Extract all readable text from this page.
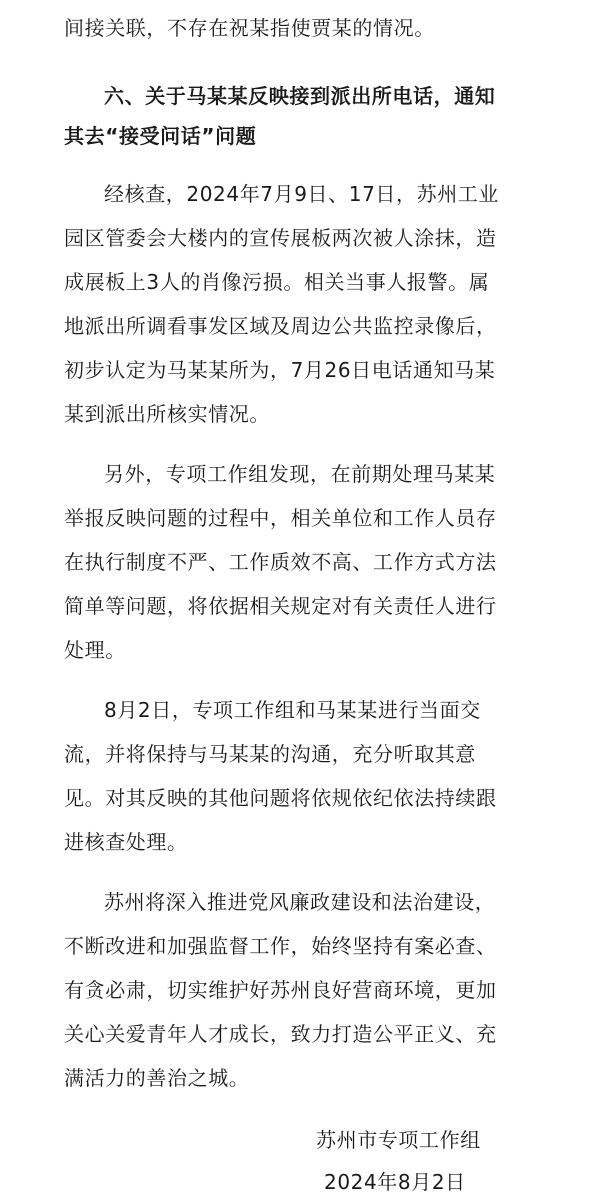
间接关联，不存在祝某指使贾某的情况。
六、关于马某某反映接到派出所电话，通知
其去“接受问话”问题
经核查，2024年7月9日、17日，苏州工业
园区管委会大楼内的宣传展板两次被人涂抹，造
成展板上3人的肖像污损。相关当事人报警。属
地派出所调看事发区域及周边公共监控录像后，
初步认定为马某某所为，7月26日电话通知马某
某到派出所核实情况。
另外，专项工作组发现，在前期处理马某某
举报反映问题的过程中，相关单位和工作人员存
在执行制度不严、工作质效不高、工作方式方法
简单等问题，将依据相关规定对有关责任人进行
处理。
8月2日，专项工作组和马某某进行当面交
流，并将保持与马某某的沟通，充分听取其意
见。对其反映的其他问题将依规依纪依法持续跟
进核查处理。
苏州将深入推进党风廉政建设和法治建设，
不断改进和加强监督工作，始终坚持有案必查、
有贪必肃，切实维护好苏州良好营商环境，更加
关心关爱青年人才成长，致力打造公平正义、充
满活力的善治之城。
苏州市专项工作组
2024年8月2日
